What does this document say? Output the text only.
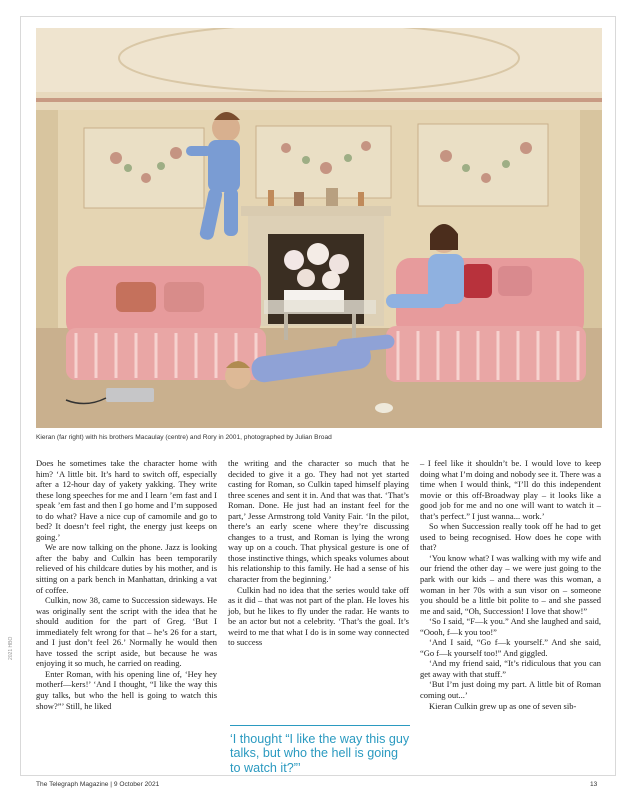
2021 HBO
Kieran (far right) with his brothers Macaulay (centre) and Rory in 2001, photographed by Julian Broad

Does he sometimes take the character home with him? ‘A little bit. It’s hard to switch off, especially after a 12-hour day of yakety yakking. They write these long speeches for me and I learn ’em fast and I speak ’em fast and then I go home and I’m supposed to do what? Have a nice cup of camomile and go to bed? It doesn’t feel right, the energy just keeps on going.’

We are now talking on the phone. Jazz is looking after the baby and Culkin has been temporarily relieved of his childcare duties by his mother, and is sitting on a park bench in Manhattan, drinking a vat of coffee.

Culkin, now 38, came to Succession sideways. He was originally sent the script with the idea that he should audition for the part of Greg. ‘But I immediately felt wrong for that – he’s 26 for a start, and I just don’t feel 26.’ Normally he would then have tossed the script aside, but because he was enjoying it so much, he carried on reading.

Enter Roman, with his opening line of, ‘Hey hey motherf—kers!’ ‘And I thought, “I like the way this guy talks, but who the hell is going to watch this show?”’ Still, he liked

the writing and the character so much that he decided to give it a go. They had not yet started casting for Roman, so Culkin taped himself playing three scenes and sent it in. And that was that. ‘That’s Roman. Done. He just had an instant feel for the part,’ Jesse Armstrong told Vanity Fair. ‘In the pilot, there’s an early scene where they’re discussing changes to a trust, and Roman is lying the wrong way up on a couch. That physical gesture is one of those instinctive things, which speaks volumes about his relationship to this family. He had a sense of his character from the beginning.’

Culkin had no idea that the series would take off as it did – that was not part of the plan. He loves his job, but he likes to fly under the radar. He wants to be an actor but not a celebrity. ‘That’s the goal. It’s weird to me that what I do is in some way connected to success

‘I thought “I like the way this guy talks, but who the hell is going to watch it?”’

– I feel like it shouldn’t be. I would love to keep doing what I’m doing and nobody see it. There was a time when I would think, “I’ll do this independent movie or this off-Broadway play – it looks like a good job for me and no one will want to watch it – that’s perfect.” I just wanna... work.’

So when Succession really took off he had to get used to being recognised. How does he cope with that?

‘You know what? I was walking with my wife and our friend the other day – we were just going to the park with our kids – and there was this woman, a woman in her 70s with a sun visor on – someone you should be a little bit polite to – and she passed me and said, “Oh, Succession! I love that show!”

‘So I said, “F—k you.” And she laughed and said, “Oooh, f—k you too!”

‘And I said, “Go f—k yourself.” And she said, “Go f—k yourself too!” And giggled.

‘And my friend said, “It’s ridiculous that you can get away with that stuff.”

‘But I’m just doing my part. A little bit of Roman coming out...’

Kieran Culkin grew up as one of seven sib-

The Telegraph Magazine | 9 October 2021	13
